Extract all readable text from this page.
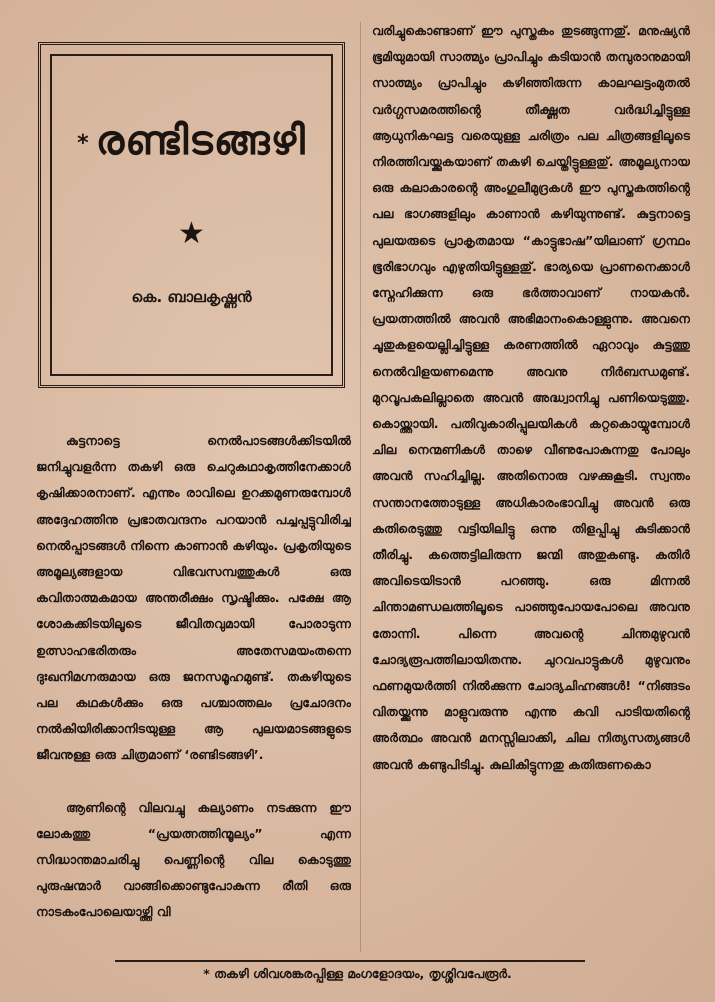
* രണ്ടിടങ്ങഴി
★
കെ. ബാലകൃഷ്ണൻ

കുട്ടനാട്ടെ നെൽപാടങ്ങൾക്കിടയിൽ ജനിച്ചുവളർന്ന തകഴി ഒരു ചെറുകഥാകൃത്തിനേക്കാൾ കൃഷിക്കാരനാണ്. എന്നും രാവിലെ ഉറക്കമുണരുമ്പോൾ അദ്ദേഹത്തിനു പ്രഭാതവന്ദനം പറയാൻ പച്ചപ്പട്ടുവിരിച്ച നെൽപ്പാടങ്ങൾ നിന്നെ കാണാൻ കഴിയും. പ്രകൃതിയുടെ അമൂല്യങ്ങളായ വിഭവസമ്പത്തുകൾ ഒരു കവിതാത്മകമായ അന്തരീക്ഷം സൃഷ്ടിക്കും. പക്ഷേ ആ ശോകക്കിടയിലൂടെ ജീവിതവുമായി പോരാടുന്ന ഉത്സാഹഭരിതരും അതേസമയംതന്നെ ദുഃഖനിമഗ്നരുമായ ഒരു ജനസമൂഹമുണ്ട്. തകഴിയുടെ പല കഥകൾക്കും ഒരു പശ്ചാത്തലം പ്രചോദനം നൽകിയിരിക്കാനിടയുള്ള ആ പുലയമാടങ്ങളുടെ ജീവനുള്ള ഒരു ചിത്രമാണ് ‘രണ്ടിടങ്ങഴി’.

ആണിന്റെ വിലവച്ചു കല്യാണം നടക്കുന്ന ഈ ലോകത്തു “പ്രയത്നത്തിന്മൂല്യം” എന്ന സിദ്ധാന്തമാചരിച്ചു പെണ്ണിന്റെ വില കൊടുത്തു പുരുഷന്മാർ വാങ്ങിക്കൊണ്ടുപോകുന്ന രീതി ഒരു നാടകംപോലെയാഴ്ത്തി വി

വരിച്ചുകൊണ്ടാണ് ഈ പുസ്തകം തുടങ്ങുന്നതു്. മനുഷ്യൻ ഭൂമിയുമായി സാത്മ്യം പ്രാപിച്ചും കടിയാൻ തമ്പുരാനുമായി സാത്മ്യം പ്രാപിച്ചും കഴിഞ്ഞിരുന്ന കാലഘട്ടംമുതൽ വർഗ്ഗസമരത്തിന്റെ തീക്ഷ്ണത വർദ്ധിച്ചിട്ടുള്ള ആധുനികഘട്ട വരെയുള്ള ചരിത്രം പല ചിത്രങ്ങളിലൂടെ നിരത്തിവയ്ക്കുകയാണ് തകഴി ചെയ്തിട്ടുള്ളതു്. അമൂല്യനായ ഒരു കലാകാരന്റെ അംഗുലീമുദ്രകൾ ഈ പുസ്തകത്തിന്റെ പല ഭാഗങ്ങളിലും കാണാൻ കഴിയുന്നുണ്ട്. കുട്ടനാട്ടെ പുലയരുടെ പ്രാകൃതമായ “കാട്ടുഭാഷ”യിലാണ് ഗ്രന്ഥം ഭൂരിഭാഗവും എഴുതിയിട്ടുള്ളതു്. ഭാര്യയെ പ്രാണനെക്കാൾ സ്നേഹിക്കുന്ന ഒരു ഭർത്താവാണ് നായകൻ. പ്രയത്നത്തിൽ അവൻ അഭിമാനംകൊള്ളുന്നു. അവനെ ചൂതുകളയെല്ലിച്ചിട്ടുള്ള കരണത്തിൽ ഏറാവും കുട്ടത്തു നെൽവിളയണമെന്നു അവനു നിർബന്ധമുണ്ട്. മുറവൂപകലില്ലാതെ അവൻ അദ്ധ്വാനിച്ചു പണിയെടുത്തു. കൊയ്ത്തായി. പതിവുകാരിപ്പുലയികൾ കറ്റകൊയ്യുമ്പോൾ ചില നെന്മണികൾ താഴെ വീണുപോകുന്നതു പോലും അവൻ സഹിച്ചില്ല. അതിനൊരു വഴക്കുകൂടി. സ്വന്തം സന്താനത്തോടുള്ള അധികാരംഭാവിച്ചു അവൻ ഒരു കതിരെടുത്തു വട്ടിയിലിട്ടു ഒന്നു തിളപ്പിച്ചു കുടിക്കാൻ തീരിച്ചു. കത്തെട്ടിലിരുന്ന ജന്മി അതുകണ്ടു. കതിർ അവിടെയിടാൻ പറഞ്ഞു. ഒരു മിന്നൽ ചിന്താമണ്ഡലത്തിലൂടെ പാഞ്ഞുപോയപോലെ അവനു തോന്നി. പിന്നെ അവന്റെ ചിന്തമുഴുവൻ ചോദ്യരൂപത്തിലായിതന്നു. ചുറവപാട്ടുകൾ മുഴുവനും ഫണമുയർത്തി നിൽക്കുന്ന ചോദ്യചിഹ്നങ്ങൾ! “നിങ്ങടം വിതയ്ക്കുന്നു മാളുവരുന്നു എന്നു കവി പാടിയതിന്റെ അർത്ഥം അവൻ മനസ്സിലാക്കി, ചില നിത്യസത്യങ്ങൾ അവൻ കണ്ടുപിടിച്ചു. കുലികിട്ടുന്നതു കതിരുണകൊ

* തകഴി ശിവശങ്കരപ്പിള്ള മംഗളോദയം, തൃശ്ശിവപേരൂർ.
